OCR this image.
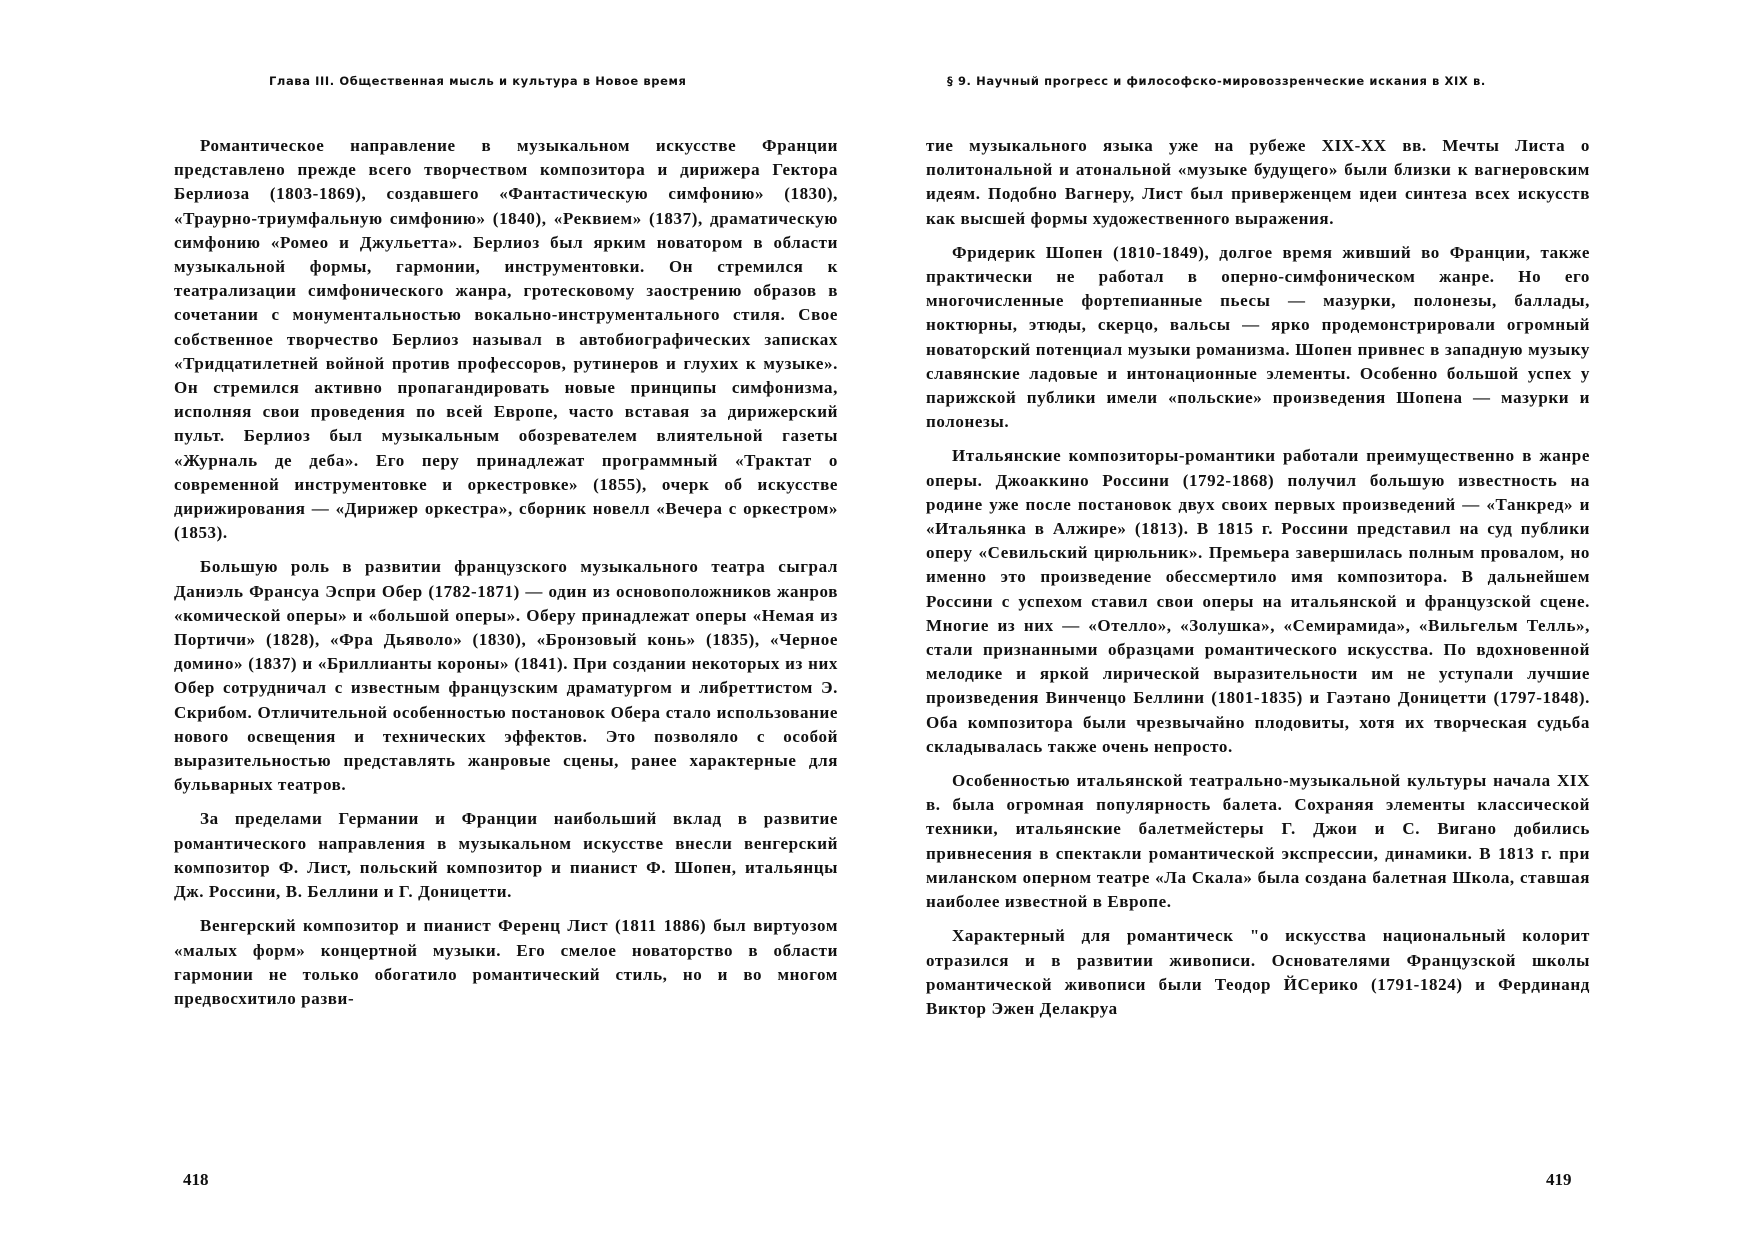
Глава III. Общественная мысль и культура в Новое время

Романтическое направление в музыкальном искусстве Франции представлено прежде всего творчеством композитора и дирижера Гектора Берлиоза (1803-1869), создавшего «Фантастическую симфонию» (1830), «Траурно-триумфальную симфонию» (1840), «Реквием» (1837), драматическую симфонию «Ромео и Джульетта». Берлиоз был ярким новатором в области музыкальной формы, гармонии, инструментовки. Он стремился к театрализации симфонического жанра, гротесковому заострению образов в сочетании с монументальностью вокально-инструментального стиля. Свое собственное творчество Берлиоз называл в автобиографических записках «Тридцатилетней войной против профессоров, рутинеров и глухих к музыке». Он стремился активно пропагандировать новые принципы симфонизма, исполняя свои проведения по всей Европе, часто вставая за дирижерский пульт. Берлиоз был музыкальным обозревателем влиятельной газеты «Журналь де деба». Его перу принадлежат программный «Трактат о современной инструментовке и оркестровке» (1855), очерк об искусстве дирижирования — «Дирижер оркестра», сборник новелл «Вечера с оркестром» (1853).

Большую роль в развитии французского музыкального театра сыграл Даниэль Франсуа Эспри Обер (1782-1871) — один из основоположников жанров «комической оперы» и «большой оперы». Оберу принадлежат оперы «Немая из Портичи» (1828), «Фра Дьяволо» (1830), «Бронзовый конь» (1835), «Черное домино» (1837) и «Бриллианты короны» (1841). При создании некоторых из них Обер сотрудничал с известным французским драматургом и либреттистом Э. Скрибом. Отличительной особенностью постановок Обера стало использование нового освещения и технических эффектов. Это позволяло с особой выразительностью представлять жанровые сцены, ранее характерные для бульварных театров.

За пределами Германии и Франции наибольший вклад в развитие романтического направления в музыкальном искусстве внесли венгерский композитор Ф. Лист, польский композитор и пианист Ф. Шопен, итальянцы Дж. Россини, В. Беллини и Г. Доницетти.

Венгерский композитор и пианист Ференц Лист (1811 1886) был виртуозом «малых форм» концертной музыки. Его смелое новаторство в области гармонии не только обогатило романтический стиль, но и во многом предвосхитило разви-

418
§ 9. Научный прогресс и философско-мировоззренческие искания в XIX в.

тие музыкального языка уже на рубеже XIX-XX вв. Мечты Листа о политональной и атональной «музыке будущего» были близки к вагнеровским идеям. Подобно Вагнеру, Лист был приверженцем идеи синтеза всех искусств как высшей формы художественного выражения.

Фридерик Шопен (1810-1849), долгое время живший во Франции, также практически не работал в оперно-симфоническом жанре. Но его многочисленные фортепианные пьесы — мазурки, полонезы, баллады, ноктюрны, этюды, скерцо, вальсы — ярко продемонстрировали огромный новаторский потенциал музыки романизма. Шопен привнес в западную музыку славянские ладовые и интонационные элементы. Особенно большой успех у парижской публики имели «польские» произведения Шопена — мазурки и полонезы.

Итальянские композиторы-романтики работали преимущественно в жанре оперы. Джоаккино Россини (1792-1868) получил большую известность на родине уже после постановок двух своих первых произведений — «Танкред» и «Итальянка в Алжире» (1813). В 1815 г. Россини представил на суд публики оперу «Севильский цирюльник». Премьера завершилась полным провалом, но именно это произведение обессмертило имя композитора. В дальнейшем Россини с успехом ставил свои оперы на итальянской и французской сцене. Многие из них — «Отелло», «Золушка», «Семирамида», «Вильгельм Телль», стали признанными образцами романтического искусства. По вдохновенной мелодике и яркой лирической выразительности им не уступали лучшие произведения Винченцо Беллини (1801-1835) и Гаэтано Доницетти (1797-1848). Оба композитора были чрезвычайно плодовиты, хотя их творческая судьба складывалась также очень непросто.

Особенностью итальянской театрально-музыкальной культуры начала XIX в. была огромная популярность балета. Сохраняя элементы классической техники, итальянские балетмейстеры Г. Джои и С. Вигано добились привнесения в спектакли романтической экспрессии, динамики. В 1813 г. при миланском оперном театре «Ла Скала» была создана балетная Школа, ставшая наиболее известной в Европе.

Характерный для романтическ "о искусства национальный колорит отразился и в развитии живописи. Основателями Французской школы романтической живописи были Теодор ЙСерико (1791-1824) и Фердинанд Виктор Эжен Делакруа

419
